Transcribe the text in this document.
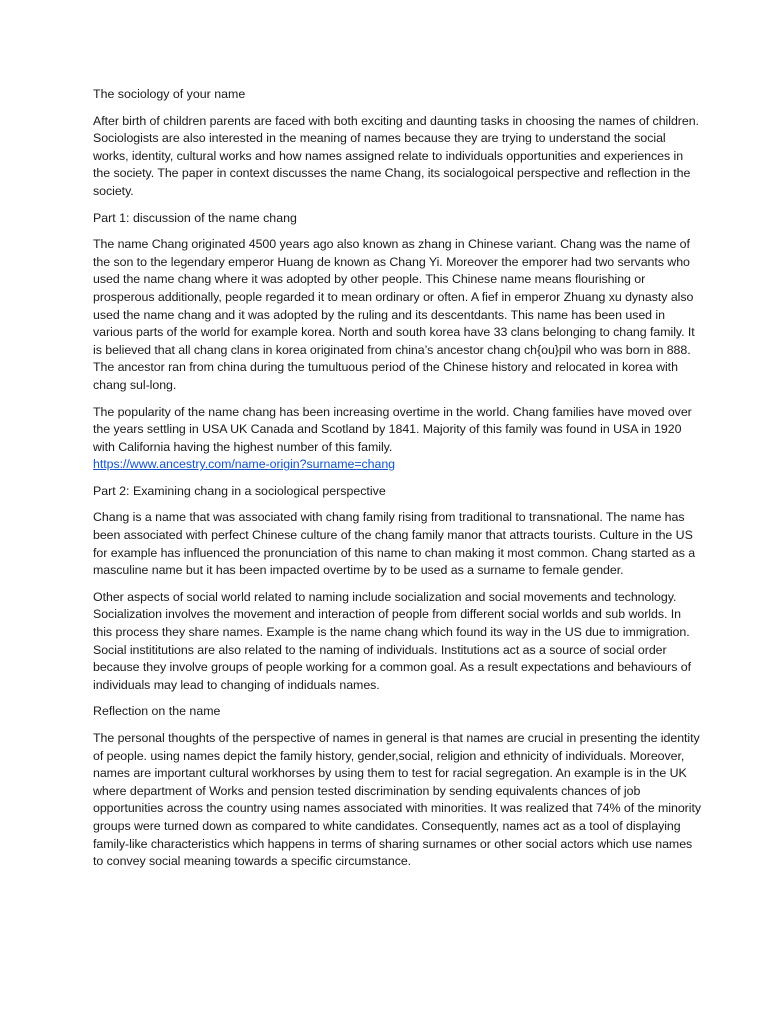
The sociology of your name

After birth of children parents are faced with both exciting and daunting tasks in choosing the names of children. Sociologists are also interested in the meaning of names because they are trying to understand the social works, identity, cultural works and how names assigned relate to individuals opportunities and experiences in the society. The paper in context discusses the name Chang, its socialogoical perspective and reflection in the society.

Part 1: discussion of the name chang

The name Chang originated 4500 years ago also known as zhang in Chinese variant. Chang was the name of the son to the legendary emperor Huang de known as Chang Yi. Moreover the emporer had two servants who used the name chang where it was adopted by other people. This Chinese name means flourishing or prosperous additionally, people regarded it to mean ordinary or often. A fief in emperor Zhuang xu dynasty also used the name chang and it was adopted by the ruling and its descentdants. This name has been used in various parts of the world for example korea. North and south korea have 33 clans belonging to chang family. It is believed that all chang clans in korea originated from china’s ancestor chang ch{ou}pil who was born in 888. The ancestor ran from china during the tumultuous period of the Chinese history and relocated in korea with chang sul-long.

The popularity of the name chang has been increasing overtime in the world. Chang families have moved over the years settling in USA UK Canada and Scotland by 1841. Majority of this family was found in USA in 1920 with California having the highest number of this family.
https://www.ancestry.com/name-origin?surname=chang

Part 2: Examining chang in a sociological perspective

Chang is a name that was associated with chang family rising from traditional to transnational. The name has been associated with perfect Chinese culture of the chang family manor that attracts tourists. Culture in the US for example has influenced the pronunciation of this name to chan making it most common. Chang started as a masculine name but it has been impacted overtime by to be used as a surname to female gender.

Other aspects of social world related to naming include socialization and social movements and technology. Socialization involves the movement and interaction of people from different social worlds and sub worlds. In this process they share names. Example is the name chang which found its way in the US due to immigration. Social instititutions are also related to the naming of individuals. Institutions act as a source of social order because they involve groups of people working for a common goal. As a result expectations and behaviours of individuals may lead to changing of indiduals names.

Reflection on the name

The personal thoughts of the perspective of names in general is that names are crucial in presenting the identity of people. using names depict the family history, gender,social, religion and ethnicity of individuals. Moreover, names are important cultural workhorses by using them to test for racial segregation. An example is in the UK where department of Works and pension tested discrimination by sending equivalents chances of job opportunities across the country using names associated with minorities. It was realized that 74% of the minority groups were turned down as compared to white candidates. Consequently, names act as a tool of displaying family-like characteristics which happens in terms of sharing surnames or other social actors which use names to convey social meaning towards a specific circumstance.
